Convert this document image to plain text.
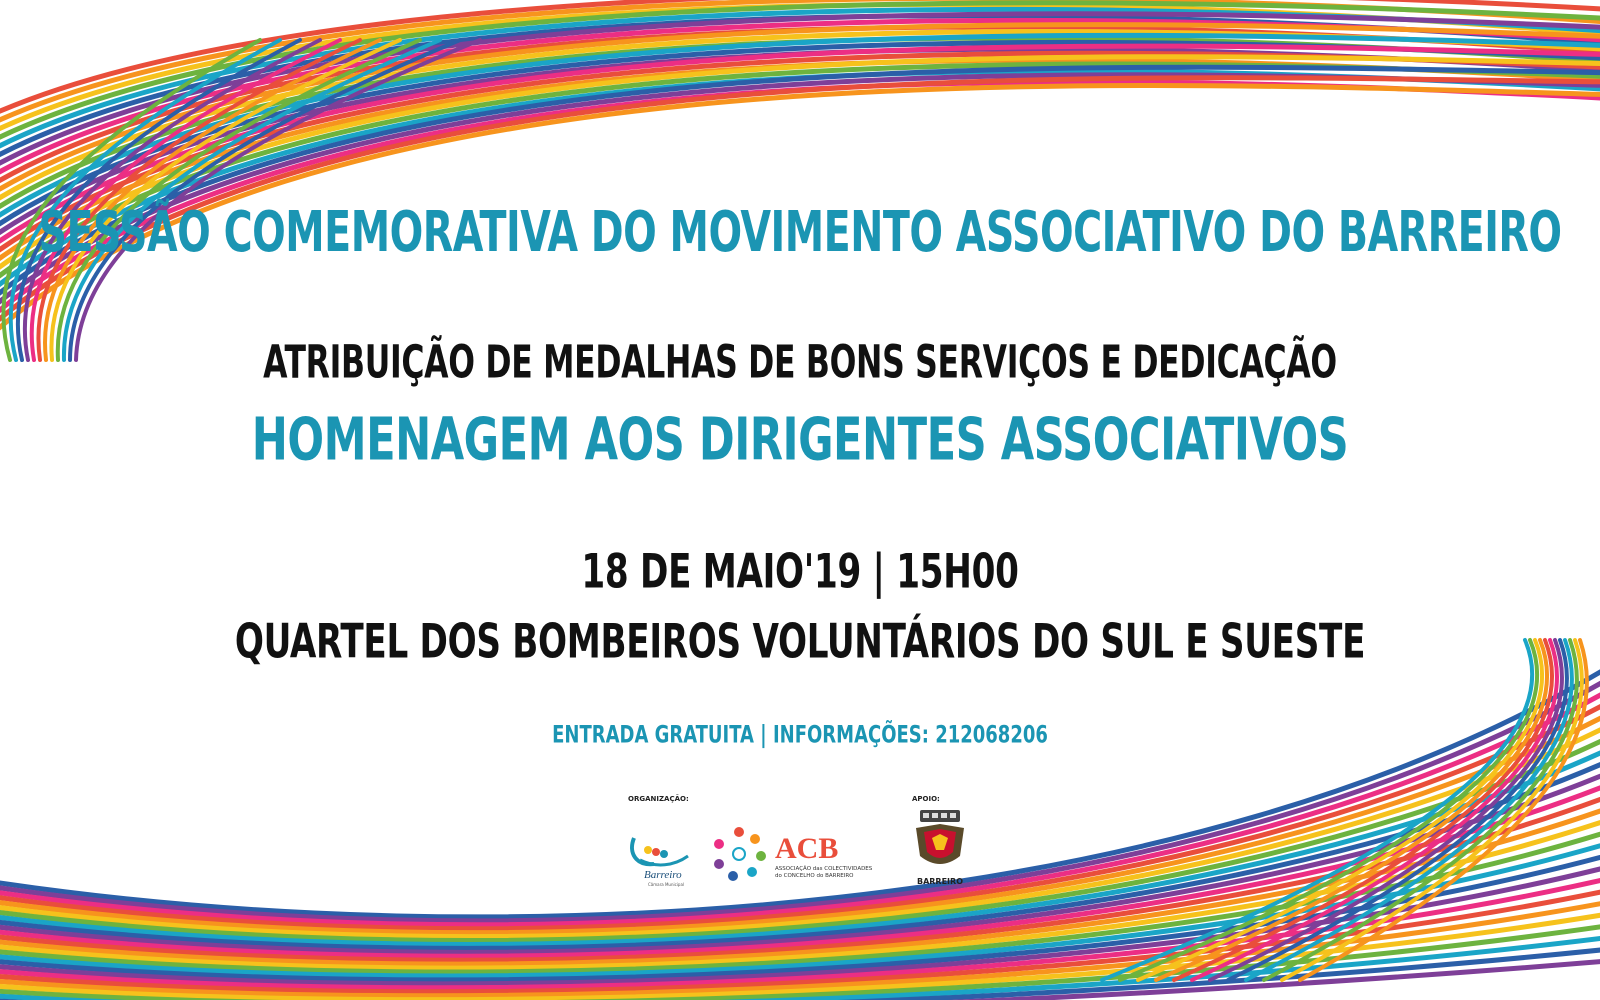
SESSÃO COMEMORATIVA DO MOVIMENTO ASSOCIATIVO DO BARREIRO
ATRIBUIÇÃO DE MEDALHAS DE BONS SERVIÇOS E DEDICAÇÃO
HOMENAGEM AOS DIRIGENTES ASSOCIATIVOS
18 DE MAIO'19 | 15H00
QUARTEL DOS BOMBEIROS VOLUNTÁRIOS DO SUL E SUESTE
ENTRADA GRATUITA | INFORMAÇÕES: 212068206
ORGANIZAÇÃO:	APOIO:
Barreiro
Câmara Municipal
ACB
ASSOCIAÇÃO das COLECTIVIDADES
do CONCELHO do BARREIRO
BARREIRO
